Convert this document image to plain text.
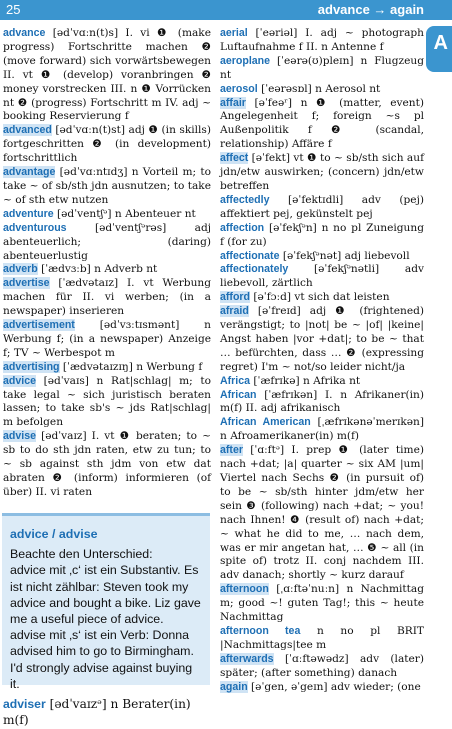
25	advance → again
A

advance [ədˈvɑːn(t)s] I. vi ❶ (make progress) Fortschritte machen ❷ (move forward) sich vorwärtsbewegen II. vt ❶ (develop) voranbringen ❷ money vorstrecken III. n ❶ Vorrücken nt ❷ (progress) Fortschritt m IV. adj ~ booking Reservierung f

advanced [ədˈvɑːn(t)st] adj ❶ (in skills) fortgeschritten ❷ (in development) fortschrittlich

advantage [ədˈvɑːntɪdʒ] n Vorteil m; to take ~ of sb/sth jdn ausnutzen; to take ~ of sth etw nutzen

adventure [ədˈventʃᵊ] n Abenteuer nt

adventurous	[ədˈventʃᵊrəs] adj abenteuerlich; (daring) abenteuerlustig

adverb [ˈædvɜːb] n Adverb nt

advertise [ˈædvətaɪz] I. vt Werbung machen für II. vi werben; (in a newspaper) inserieren

advertisement [ədˈvɜːtɪsmənt] n Werbung f; (in a newspaper) Anzeige f; TV ~ Werbespot m

advertising [ˈædvətaɪzɪŋ] n Werbung f

advice [ədˈvaɪs] n Rat|schlag| m; to take legal ~ sich juristisch beraten lassen; to take sb's ~ jds Rat|schlag| m befolgen

advise [ədˈvaɪz] I. vt ❶ beraten; to ~ sb to do sth jdn raten, etw zu tun; to ~ sb against sth jdm von etw dat abraten ❷ (inform) informieren (of über) II. vi raten

advice / advise

Beachte den Unterschied:

advice mit ‚c‘ ist ein Substantiv. Es ist nicht zählbar: Steven took my advice and bought a bike. Liz gave me a useful piece of advice.

advise mit ‚s‘ ist ein Verb: Donna advised him to go to Birmingham. I'd strongly advise against buying it.

adviser [ədˈvaɪzᵊ] n Berater(in) m(f)

aerial [ˈeəriəl] I. adj ~ photograph Luftaufnahme f II. n Antenne f

aeroplane [ˈeərə(ʊ)pleɪn] n Flugzeug nt

aerosol [ˈeərəsɒl] n Aerosol nt

affair [əˈfeəʳ] n ❶ (matter, event) Angelegenheit f; foreign ~s pl Außenpolitik f ❷ (scandal, relationship) Affäre f

affect [əˈfekt] vt ❶ to ~ sb/sth sich auf jdn/etw auswirken; (concern) jdn/etw betreffen

affectedly [əˈfektɪdli] adv (pej) affektiert pej, gekünstelt pej

affection [əˈfekʃᵊn] n no pl Zuneigung f (for zu)

affectionate [əˈfekʃᵊnət] adj liebevoll

affectionately [əˈfekʃᵊnətli] adv liebevoll, zärtlich

afford [əˈfɔːd] vt sich dat leisten

afraid [əˈfreɪd] adj ❶ (frightened) verängstigt; to |not| be ~ |of| |keine| Angst haben |vor +dat|; to be ~ that … befürchten, dass … ❷ (expressing regret) I'm ~ not/so leider nicht/ja

Africa [ˈæfrɪkə] n Afrika nt

African [ˈæfrɪkən] I. n Afrikaner(in) m(f) II. adj afrikanisch

African American [ˌæfrɪkənəˈmerɪkən] n Afroamerikaner(in) m(f)

after [ˈɑːftᵊ] I. prep ❶ (later time) nach +dat; |a| quarter ~ six AM |um| Viertel nach Sechs ❷ (in pursuit of) to be ~ sb/sth hinter jdm/etw her sein ❸ (following) nach +dat; ~ you! nach Ihnen! ❹ (result of) nach +dat; ~ what he did to me, … nach dem, was er mir angetan hat, … ❺ ~ all (in spite of) trotz II. conj nachdem III. adv danach; shortly ~ kurz darauf

afternoon [ˌɑːftəˈnuːn] n Nachmittag m; good ~! guten Tag!; this ~ heute Nachmittag

afternoon tea n no pl BRIT |Nachmittags|tee m

afterwards [ˈɑːftəwədz] adv (later) später; (after something) danach

again [əˈgen, əˈgeɪn] adv wieder; (one
